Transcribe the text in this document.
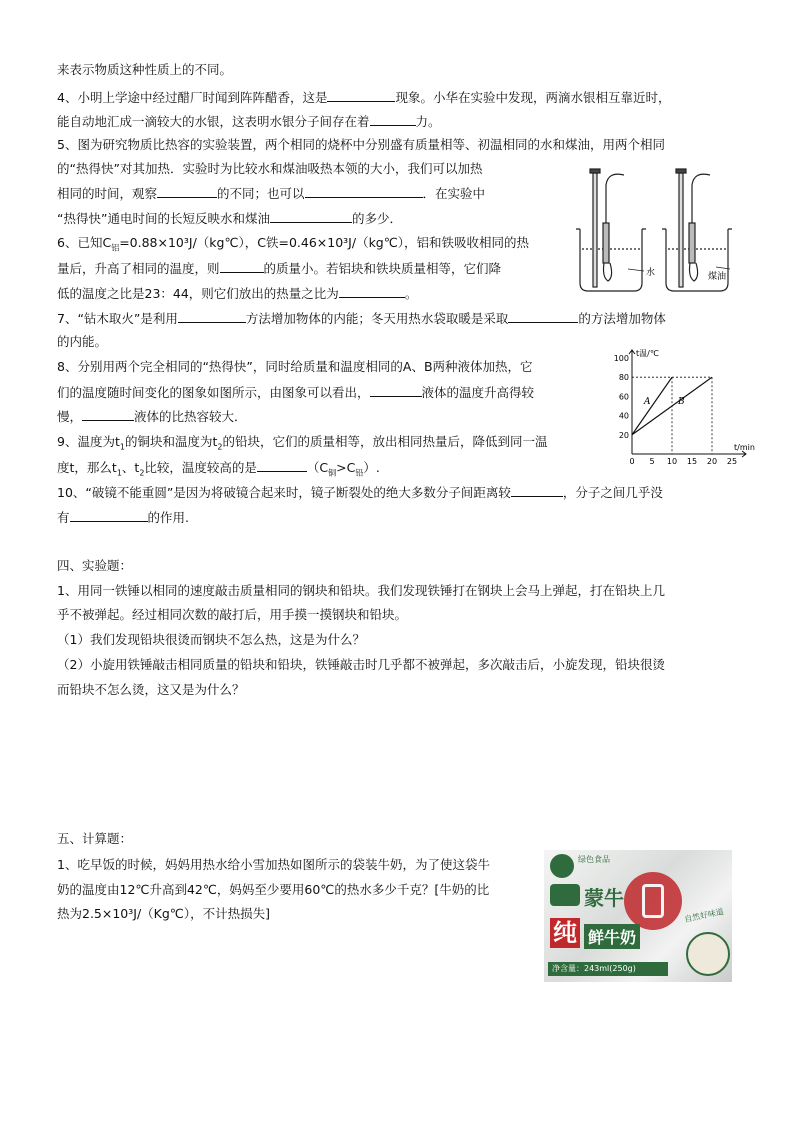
来表示物质这种性质上的不同。
4、小明上学途中经过醋厂时闻到阵阵醋香，这是	现象。小华在实验中发现，两滴水银相互靠近时，
能自动地汇成一滴较大的水银，这表明水银分子间存在着	力。
5、图为研究物质比热容的实验装置，两个相同的烧杯中分别盛有质量相等、初温相同的水和煤油，用两个相同
的“热得快”对其加热．实验时为比较水和煤油吸热本领的大小，我们可以加热
相同的时间，观察	的不同；也可以	．在实验中
“热得快”通电时间的长短反映水和煤油	的多少．
6、已知$C_铝=0.88\times 10^3J/(kg℃)$，C铁=0.46×10³J/（kg℃），铝和铁吸收相同的热
量后，升高了相同的温度，则	的质量小。若铝块和铁块质量相等，它们降
低的温度之比是23：44，则它们放出的热量之比为	。
水	煤油
7、“钻木取火”是利用	方法增加物体的内能；冬天用热水袋取暖是采取	的方法增加物体
的内能。
8、分别用两个完全相同的“热得快”，同时给质量和温度相同的A、B两种液体加热，它
们的温度随时间变化的图象如图所示，由图象可以看出，	液体的温度升高得较
慢，	液体的比热容较大．
0 5 10 15 20 25
20
40
60
80
100
t/min
t温/℃
A	B
9、温度为$t_1$的铜块和温度为$t_2$的铅块，它们的质量相等，放出相同热量后，降低到同一温
度t，那么$t_1$、$t_2$比较，温度较高的是	$(C_铜>C_铅)$.
10、“破镜不能重圆”是因为将破镜合起来时，镜子断裂处的绝大多数分子间距离较	，分子之间几乎没
有	的作用.
四、实验题：
1、用同一铁锤以相同的速度敲击质量相同的钢块和铅块。我们发现铁锤打在钢块上会马上弹起，打在铅块上几
乎不被弹起。经过相同次数的敲打后，用手摸一摸钢块和铅块。
（1）我们发现铅块很烫而钢块不怎么热，这是为什么？
（2）小旋用铁锤敲击相同质量的铅块和铅块，铁锤敲击时几乎都不被弹起，多次敲击后，小旋发现，铅块很烫
而铅块不怎么烫，这又是为什么？
五、计算题：
1、吃早饭的时候，妈妈用热水给小雪加热如图所示的袋装牛奶，为了使这袋牛
奶的温度由12℃升高到42℃，妈妈至少要用60℃的热水多少千克？[牛奶的比
热为2.5×10³J/（Kg℃），不计热损失]
绿色食品
蒙牛
自然好味道
纯 鲜牛奶
净含量：243ml(250g)
